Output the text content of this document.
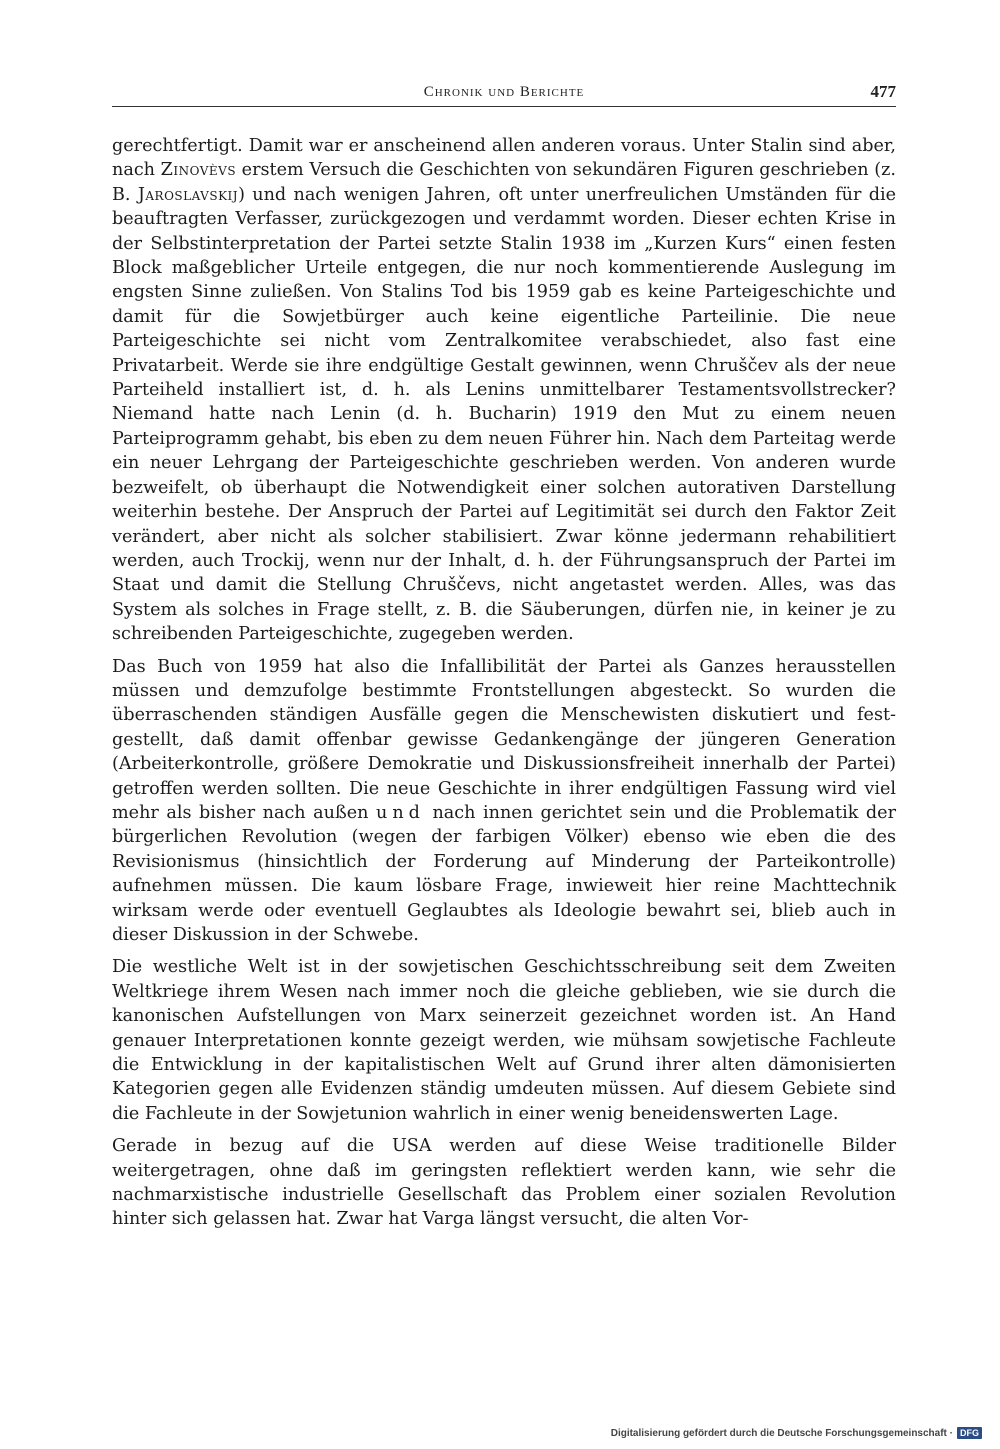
Chronik und Berichte	477

gerechtfertigt. Damit war er anscheinend allen anderen voraus. Unter Stalin sind aber, nach Zinovèvs erstem Versuch die Geschichten von sekundären Figuren geschrieben (z. B. Jaroslavskij) und nach wenigen Jahren, oft unter unerfreulichen Umständen für die beauftragten Verfasser, zurückgezogen und verdammt worden. Dieser echten Krise in der Selbstinterpretation der Partei setzte Stalin 1938 im „Kurzen Kurs“ einen festen Block maßgeblicher Urteile entgegen, die nur noch kommentierende Auslegung im engsten Sinne zuließen. Von Stalins Tod bis 1959 gab es keine Parteigeschichte und damit für die Sowjetbürger auch keine eigentliche Parteilinie. Die neue Parteigeschichte sei nicht vom Zentralkomitee verabschiedet, also fast eine Privatarbeit. Werde sie ihre endgültige Gestalt gewinnen, wenn Chruščev als der neue Parteiheld installiert ist, d. h. als Lenins unmittelbarer Testamentsvollstrecker? Niemand hatte nach Lenin (d. h. Bucharin) 1919 den Mut zu einem neuen Parteiprogramm gehabt, bis eben zu dem neuen Führer hin. Nach dem Parteitag werde ein neuer Lehrgang der Parteigeschichte geschrieben werden. Von anderen wurde bezweifelt, ob überhaupt die Notwendigkeit einer solchen autorativen Darstellung weiterhin bestehe. Der Anspruch der Partei auf Legitimität sei durch den Faktor Zeit verändert, aber nicht als solcher stabilisiert. Zwar könne jedermann rehabilitiert werden, auch Trockij, wenn nur der Inhalt, d. h. der Führungsanspruch der Partei im Staat und damit die Stellung Chruščevs, nicht angetastet werden. Alles, was das System als solches in Frage stellt, z. B. die Säuberungen, dürfen nie, in keiner je zu schreibenden Parteigeschichte, zugegeben werden.

Das Buch von 1959 hat also die Infallibilität der Partei als Ganzes herausstellen müssen und demzufolge bestimmte Frontstellungen abgesteckt. So wurden die überraschenden ständigen Ausfälle gegen die Menschewisten diskutiert und festgestellt, daß damit offenbar gewisse Gedankengänge der jüngeren Generation (Arbeiterkontrolle, größere Demokratie und Diskussionsfreiheit innerhalb der Partei) getroffen werden sollten. Die neue Geschichte in ihrer endgültigen Fassung wird viel mehr als bisher nach außen und nach innen gerichtet sein und die Problematik der bürgerlichen Revolution (wegen der farbigen Völker) ebenso wie eben die des Revisionismus (hinsichtlich der Forderung auf Minderung der Parteikontrolle) aufnehmen müssen. Die kaum lösbare Frage, inwieweit hier reine Machttechnik wirksam werde oder eventuell Geglaubtes als Ideologie bewahrt sei, blieb auch in dieser Diskussion in der Schwebe.

Die westliche Welt ist in der sowjetischen Geschichtsschreibung seit dem Zweiten Weltkriege ihrem Wesen nach immer noch die gleiche geblieben, wie sie durch die kanonischen Aufstellungen von Marx seinerzeit gezeichnet worden ist. An Hand genauer Interpretationen konnte gezeigt werden, wie mühsam sowjetische Fachleute die Entwicklung in der kapitalistischen Welt auf Grund ihrer alten dämonisierten Kategorien gegen alle Evidenzen ständig umdeuten müssen. Auf diesem Gebiete sind die Fachleute in der Sowjetunion wahrlich in einer wenig beneidenswerten Lage.

Gerade in bezug auf die USA werden auf diese Weise traditionelle Bilder weitergetragen, ohne daß im geringsten reflektiert werden kann, wie sehr die nachmarxistische industrielle Gesellschaft das Problem einer sozialen Revolution hinter sich gelassen hat. Zwar hat Varga längst versucht, die alten Vor-

Digitalisierung gefördert durch die Deutsche Forschungsgemeinschaft · DFG
